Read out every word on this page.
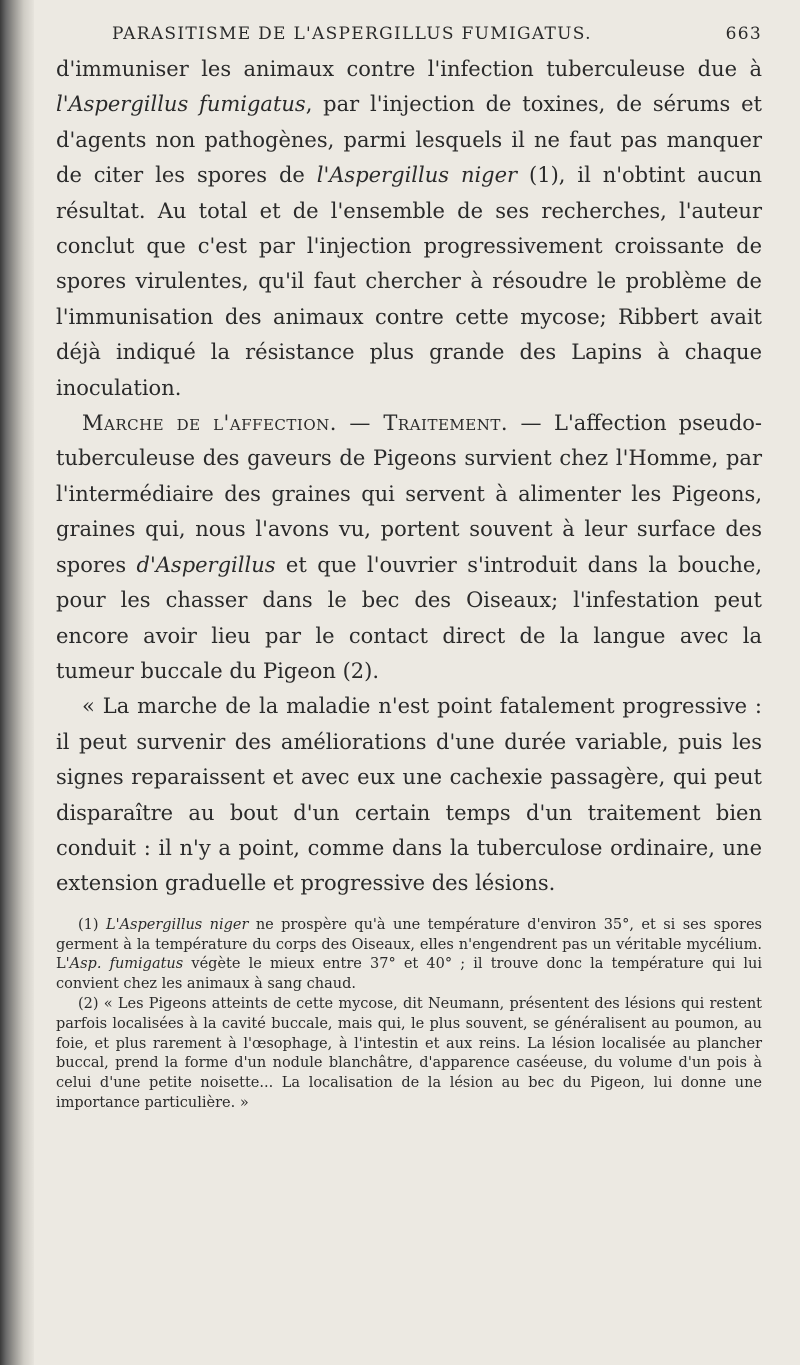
PARASITISME DE L'ASPERGILLUS FUMIGATUS.	663

d'immuniser les animaux contre l'infection tuberculeuse due à l'Aspergillus fumigatus, par l'injection de toxines, de sérums et d'agents non pathogènes, parmi lesquels il ne faut pas manquer de citer les spores de l'Aspergillus niger (1), il n'obtint aucun résultat. Au total et de l'ensemble de ses recherches, l'auteur conclut que c'est par l'injection progressivement croissante de spores virulentes, qu'il faut chercher à résoudre le problème de l'immunisation des animaux contre cette mycose; Ribbert avait déjà indiqué la résistance plus grande des Lapins à chaque inoculation.

Marche de l'affection. — Traitement. — L'affection pseudo-tuberculeuse des gaveurs de Pigeons survient chez l'Homme, par l'intermédiaire des graines qui servent à alimenter les Pigeons, graines qui, nous l'avons vu, portent souvent à leur surface des spores d'Aspergillus et que l'ouvrier s'introduit dans la bouche, pour les chasser dans le bec des Oiseaux; l'infestation peut encore avoir lieu par le contact direct de la langue avec la tumeur buccale du Pigeon (2).

« La marche de la maladie n'est point fatalement progressive : il peut survenir des améliorations d'une durée variable, puis les signes reparaissent et avec eux une cachexie passagère, qui peut disparaître au bout d'un certain temps d'un traitement bien conduit : il n'y a point, comme dans la tuberculose ordinaire, une extension graduelle et progressive des lésions.

(1) L'Aspergillus niger ne prospère qu'à une température d'environ 35°, et si ses spores germent à la température du corps des Oiseaux, elles n'engendrent pas un véritable mycélium. L'Asp. fumigatus végète le mieux entre 37° et 40° ; il trouve donc la température qui lui convient chez les animaux à sang chaud.

(2) « Les Pigeons atteints de cette mycose, dit Neumann, présentent des lésions qui restent parfois localisées à la cavité buccale, mais qui, le plus souvent, se généralisent au poumon, au foie, et plus rarement à l'œsophage, à l'intestin et aux reins. La lésion localisée au plancher buccal, prend la forme d'un nodule blanchâtre, d'apparence caséeuse, du volume d'un pois à celui d'une petite noisette... La localisation de la lésion au bec du Pigeon, lui donne une importance particulière. »
